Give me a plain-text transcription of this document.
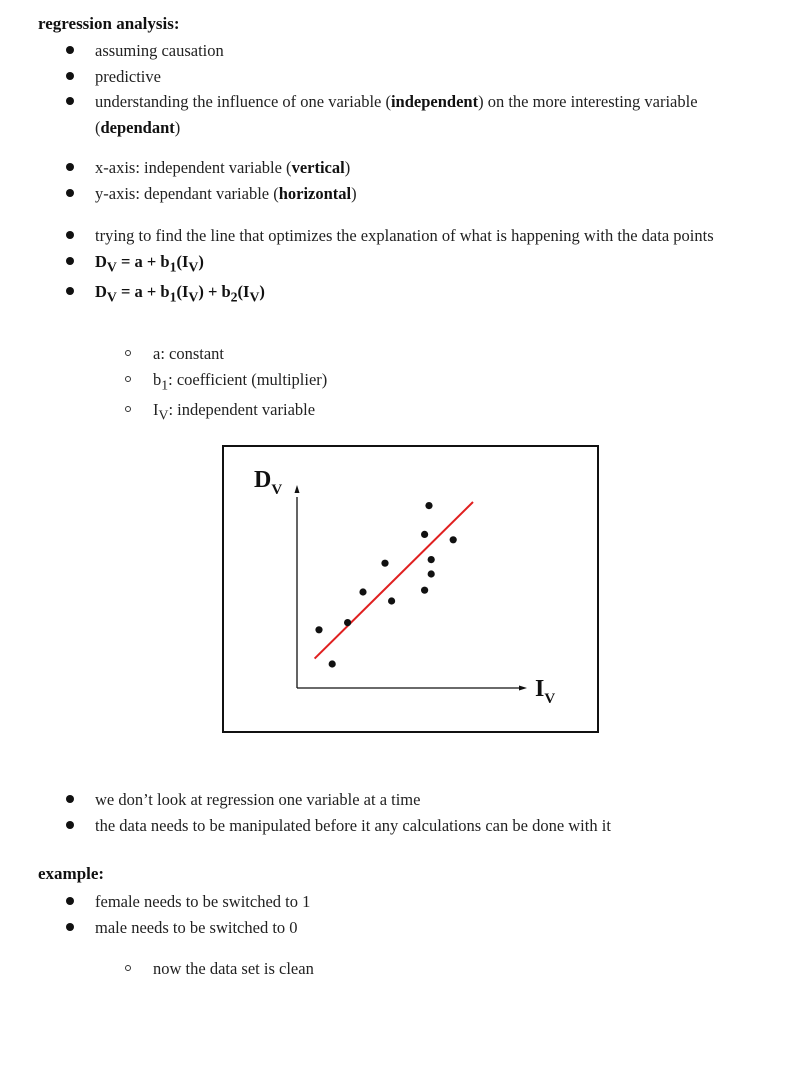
regression analysis:
assuming causation
predictive
understanding the influence of one variable (independent) on the more interesting variable (dependant)
x-axis: independent variable (vertical)
y-axis: dependant variable (horizontal)
trying to find the line that optimizes the explanation of what is happening with the data points
$D_V = a + b_1(I_V)$
$D_V = a + b_1(I_V) + b_2(I_V)$
a: constant
$b_1$: coefficient (multiplier)
$I_V$: independent variable
$D_V$
$I_V$
we don’t look at regression one variable at a time
the data needs to be manipulated before it any calculations can be done with it
example:
female needs to be switched to 1
male needs to be switched to 0
now the data set is clean
